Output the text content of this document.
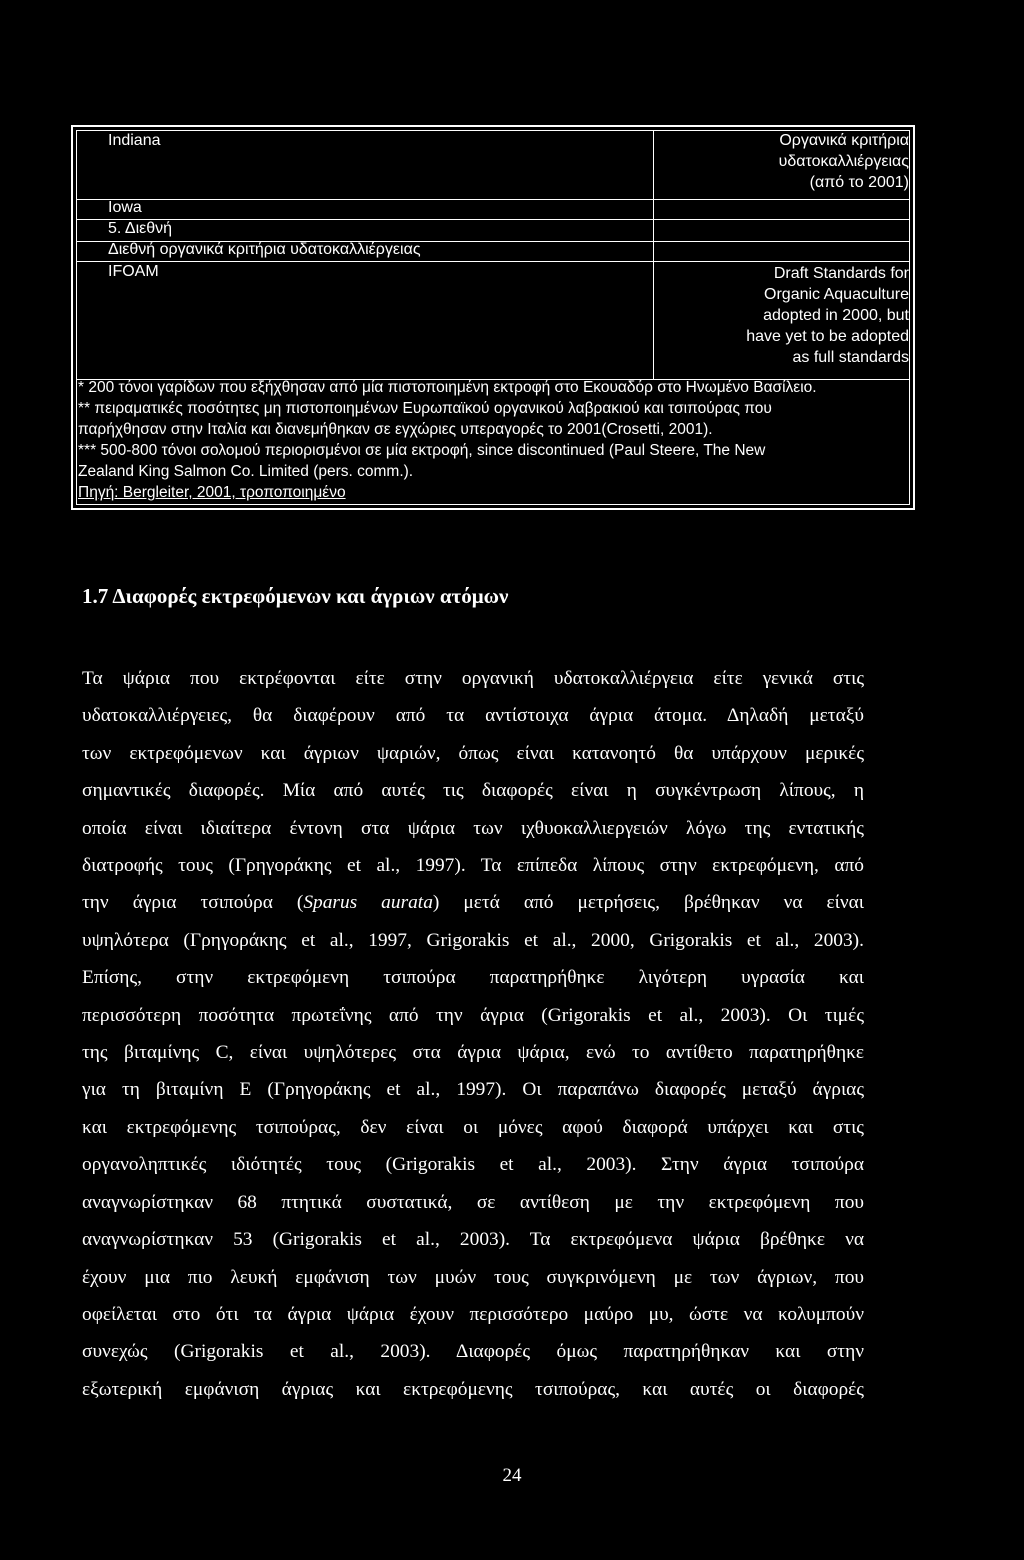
Indiana
Iowa
5. Διεθνή
Διεθνή οργανικά κριτήρια υδατοκαλλιέργειας
IFOAM
Οργανικά κριτήρια
υδατοκαλλιέργειας
(από το 2001)
Draft Standards for
Organic Aquaculture
adopted in 2000, but
have yet to be adopted
as full standards
* 200 τόνοι γαρίδων που εξήχθησαν από μία πιστοποιημένη εκτροφή στο Εκουαδόρ στο Ηνωμένο Βασίλειο.
** πειραματικές ποσότητες μη πιστοποιημένων Ευρωπαϊκού οργανικού λαβρακιού και τσιπούρας που
παρήχθησαν στην Ιταλία και διανεμήθηκαν σε εγχώριες υπεραγορές το 2001(Crosetti, 2001).
*** 500-800 τόνοι σολομού περιορισμένοι σε μία εκτροφή, since discontinued (Paul Steere, The New
Zealand King Salmon Co. Limited (pers. comm.).
Πηγή: Bergleiter, 2001, τροποποιημένο
1.7 Διαφορές εκτρεφόμενων και άγριων ατόμων
Τα ψάρια που εκτρέφονται είτε στην οργανική υδατοκαλλιέργεια είτε γενικά στις
υδατοκαλλιέργειες, θα διαφέρουν από τα αντίστοιχα άγρια άτομα. Δηλαδή μεταξύ
των εκτρεφόμενων και άγριων ψαριών, όπως είναι κατανοητό θα υπάρχουν μερικές
σημαντικές διαφορές. Μία από αυτές τις διαφορές είναι η συγκέντρωση λίπους, η
οποία είναι ιδιαίτερα έντονη στα ψάρια των ιχθυοκαλλιεργειών λόγω της εντατικής
διατροφής τους (Γρηγοράκης et al., 1997). Τα επίπεδα λίπους στην εκτρεφόμενη, από
την άγρια τσιπούρα (Sparus aurata) μετά από μετρήσεις, βρέθηκαν να είναι
υψηλότερα (Γρηγοράκης et al., 1997, Grigorakis et al., 2000, Grigorakis et al., 2003).
Επίσης, στην εκτρεφόμενη τσιπούρα παρατηρήθηκε λιγότερη υγρασία και
περισσότερη ποσότητα πρωτεΐνης από την άγρια (Grigorakis et al., 2003). Οι τιμές
της βιταμίνης C, είναι υψηλότερες στα άγρια ψάρια, ενώ το αντίθετο παρατηρήθηκε
για τη βιταμίνη Ε (Γρηγοράκης et al., 1997). Οι παραπάνω διαφορές μεταξύ άγριας
και εκτρεφόμενης τσιπούρας, δεν είναι οι μόνες αφού διαφορά υπάρχει και στις
οργανοληπτικές ιδιότητές τους (Grigorakis et al., 2003). Στην άγρια τσιπούρα
αναγνωρίστηκαν 68 πτητικά συστατικά, σε αντίθεση με την εκτρεφόμενη που
αναγνωρίστηκαν 53 (Grigorakis et al., 2003). Τα εκτρεφόμενα ψάρια βρέθηκε να
έχουν μια πιο λευκή εμφάνιση των μυών τους συγκρινόμενη με των άγριων, που
οφείλεται στο ότι τα άγρια ψάρια έχουν περισσότερο μαύρο μυ, ώστε να κολυμπούν
συνεχώς (Grigorakis et al., 2003). Διαφορές όμως παρατηρήθηκαν και στην
εξωτερική εμφάνιση άγριας και εκτρεφόμενης τσιπούρας, και αυτές οι διαφορές
24
